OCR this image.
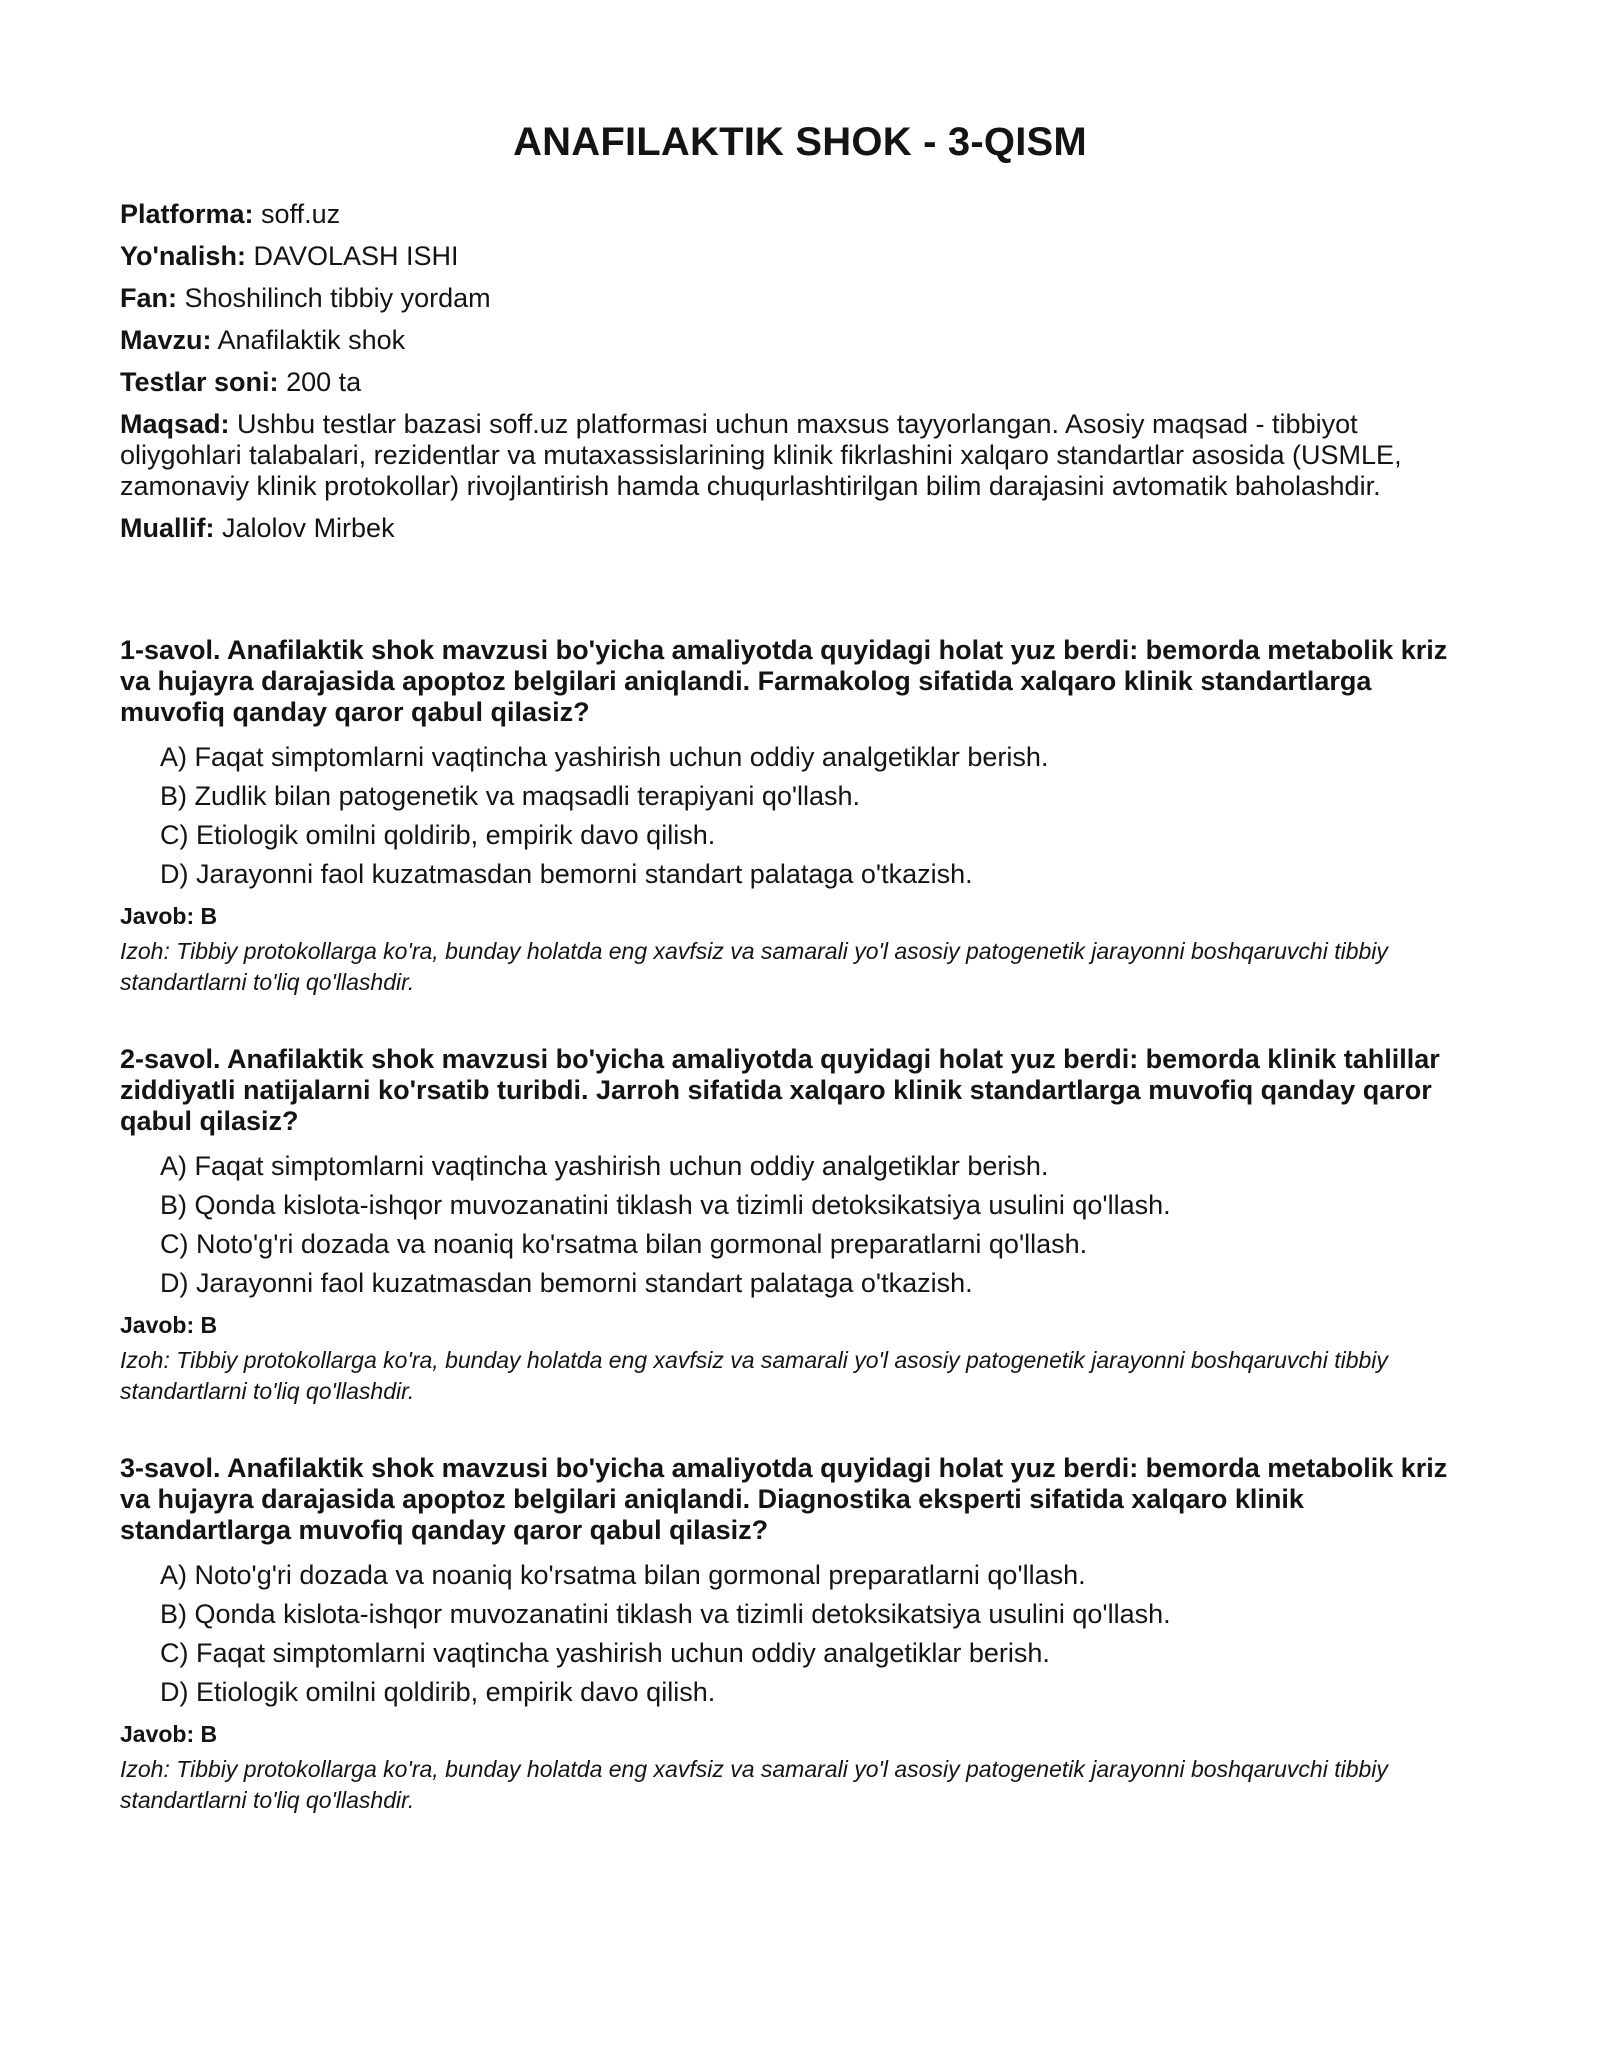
ANAFILAKTIK SHOK - 3-QISM

Platforma: soff.uz

Yo'nalish: DAVOLASH ISHI

Fan: Shoshilinch tibbiy yordam

Mavzu: Anafilaktik shok

Testlar soni: 200 ta

Maqsad: Ushbu testlar bazasi soff.uz platformasi uchun maxsus tayyorlangan. Asosiy maqsad - tibbiyot oliygohlari talabalari, rezidentlar va mutaxassislarining klinik fikrlashini xalqaro standartlar asosida (USMLE, zamonaviy klinik protokollar) rivojlantirish hamda chuqurlashtirilgan bilim darajasini avtomatik baholashdir.

Muallif: Jalolov Mirbek

1-savol. Anafilaktik shok mavzusi bo'yicha amaliyotda quyidagi holat yuz berdi: bemorda metabolik kriz va hujayra darajasida apoptoz belgilari aniqlandi. Farmakolog sifatida xalqaro klinik standartlarga muvofiq qanday qaror qabul qilasiz?

A) Faqat simptomlarni vaqtincha yashirish uchun oddiy analgetiklar berish.
B) Zudlik bilan patogenetik va maqsadli terapiyani qo'llash.
C) Etiologik omilni qoldirib, empirik davo qilish.
D) Jarayonni faol kuzatmasdan bemorni standart palataga o'tkazish.

Javob: B

Izoh: Tibbiy protokollarga ko'ra, bunday holatda eng xavfsiz va samarali yo'l asosiy patogenetik jarayonni boshqaruvchi tibbiy standartlarni to'liq qo'llashdir.

2-savol. Anafilaktik shok mavzusi bo'yicha amaliyotda quyidagi holat yuz berdi: bemorda klinik tahlillar ziddiyatli natijalarni ko'rsatib turibdi. Jarroh sifatida xalqaro klinik standartlarga muvofiq qanday qaror qabul qilasiz?

A) Faqat simptomlarni vaqtincha yashirish uchun oddiy analgetiklar berish.
B) Qonda kislota-ishqor muvozanatini tiklash va tizimli detoksikatsiya usulini qo'llash.
C) Noto'g'ri dozada va noaniq ko'rsatma bilan gormonal preparatlarni qo'llash.
D) Jarayonni faol kuzatmasdan bemorni standart palataga o'tkazish.

Javob: B

Izoh: Tibbiy protokollarga ko'ra, bunday holatda eng xavfsiz va samarali yo'l asosiy patogenetik jarayonni boshqaruvchi tibbiy standartlarni to'liq qo'llashdir.

3-savol. Anafilaktik shok mavzusi bo'yicha amaliyotda quyidagi holat yuz berdi: bemorda metabolik kriz va hujayra darajasida apoptoz belgilari aniqlandi. Diagnostika eksperti sifatida xalqaro klinik standartlarga muvofiq qanday qaror qabul qilasiz?

A) Noto'g'ri dozada va noaniq ko'rsatma bilan gormonal preparatlarni qo'llash.
B) Qonda kislota-ishqor muvozanatini tiklash va tizimli detoksikatsiya usulini qo'llash.
C) Faqat simptomlarni vaqtincha yashirish uchun oddiy analgetiklar berish.
D) Etiologik omilni qoldirib, empirik davo qilish.

Javob: B

Izoh: Tibbiy protokollarga ko'ra, bunday holatda eng xavfsiz va samarali yo'l asosiy patogenetik jarayonni boshqaruvchi tibbiy standartlarni to'liq qo'llashdir.
